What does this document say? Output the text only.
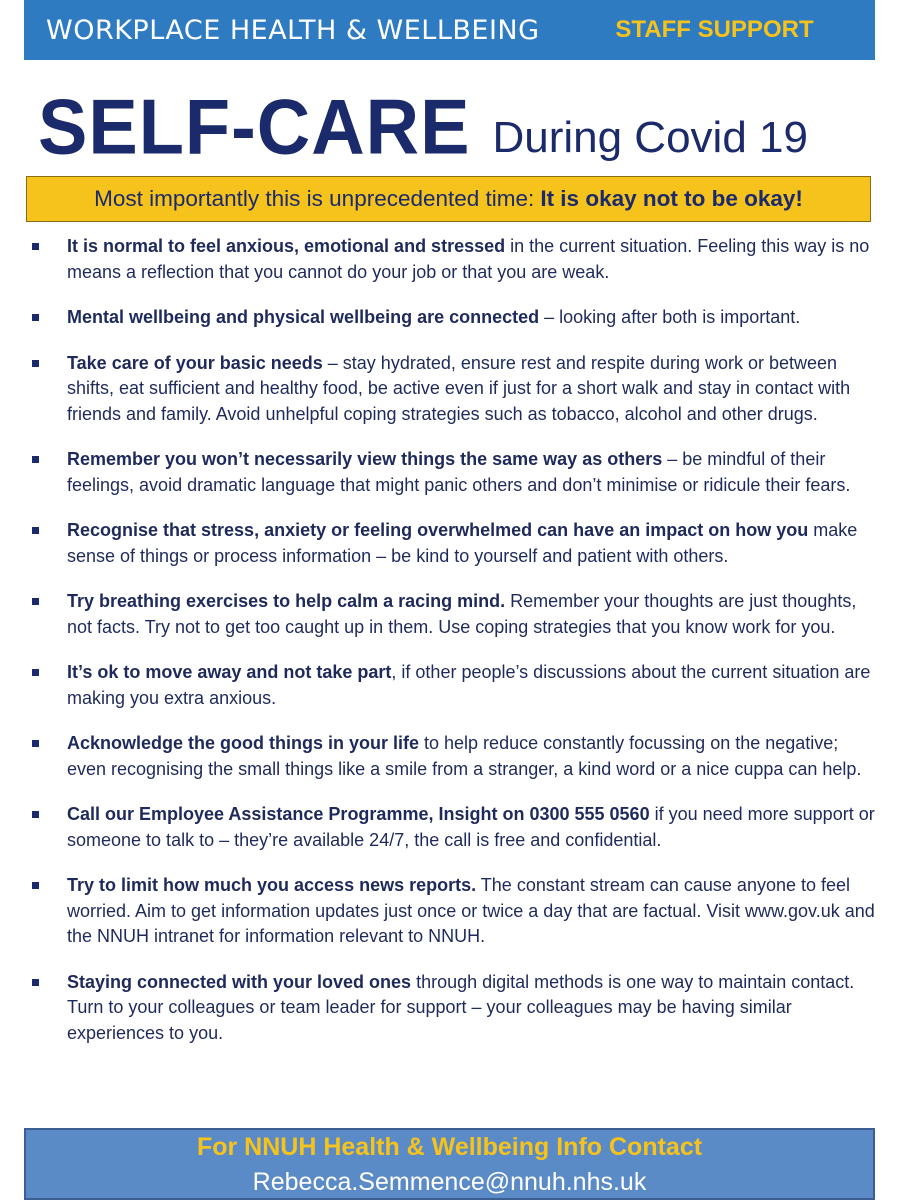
WORKPLACE HEALTH & WELLBEING	STAFF SUPPORT
SELF-CARE During Covid 19
Most importantly this is unprecedented time: It is okay not to be okay!
It is normal to feel anxious, emotional and stressed in the current situation. Feeling this way is no means a reflection that you cannot do your job or that you are weak.
Mental wellbeing and physical wellbeing are connected – looking after both is important.
Take care of your basic needs – stay hydrated, ensure rest and respite during work or between shifts, eat sufficient and healthy food, be active even if just for a short walk and stay in contact with friends and family. Avoid unhelpful coping strategies such as tobacco, alcohol and other drugs.
Remember you won’t necessarily view things the same way as others – be mindful of their feelings, avoid dramatic language that might panic others and don’t minimise or ridicule their fears.
Recognise that stress, anxiety or feeling overwhelmed can have an impact on how you make sense of things or process information – be kind to yourself and patient with others.
Try breathing exercises to help calm a racing mind. Remember your thoughts are just thoughts, not facts. Try not to get too caught up in them. Use coping strategies that you know work for you.
It’s ok to move away and not take part, if other people’s discussions about the current situation are making you extra anxious.
Acknowledge the good things in your life to help reduce constantly focussing on the negative; even recognising the small things like a smile from a stranger, a kind word or a nice cuppa can help.
Call our Employee Assistance Programme, Insight on 0300 555 0560 if you need more support or someone to talk to – they’re available 24/7, the call is free and confidential.
Try to limit how much you access news reports. The constant stream can cause anyone to feel worried. Aim to get information updates just once or twice a day that are factual. Visit www.gov.uk and the NNUH intranet for information relevant to NNUH.
Staying connected with your loved ones through digital methods is one way to maintain contact. Turn to your colleagues or team leader for support – your colleagues may be having similar experiences to you.
For NNUH Health & Wellbeing Info Contact
Rebecca.Semmence@nnuh.nhs.uk
